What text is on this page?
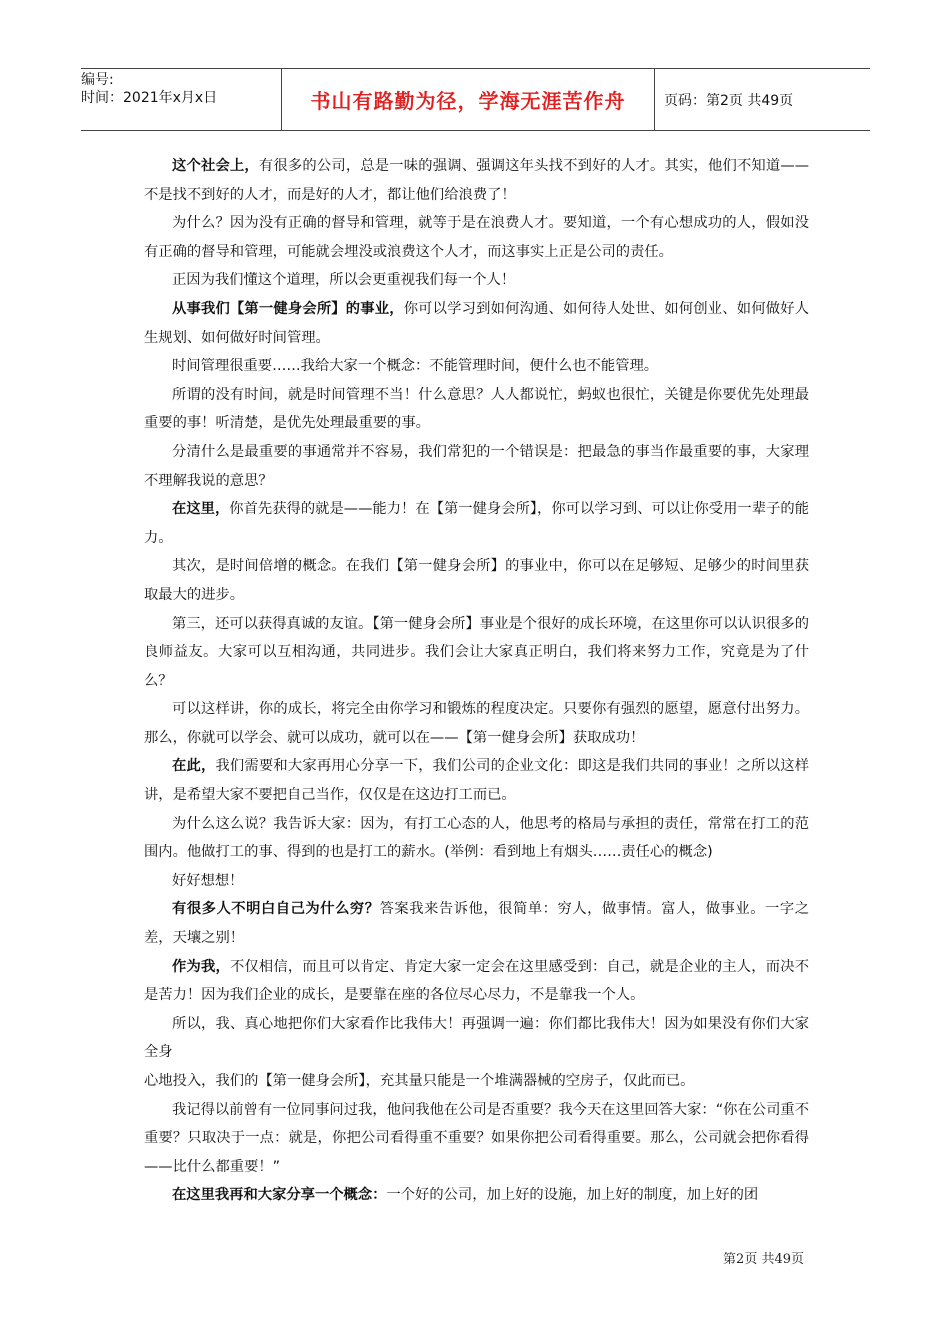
编号:
时间：2021年x月x日	书山有路勤为径，学海无涯苦作舟	页码：第2页 共49页

这个社会上，有很多的公司，总是一味的强调、强调这年头找不到好的人才。其实，他们不知道——不是找不到好的人才，而是好的人才，都让他们给浪费了！

为什么？因为没有正确的督导和管理，就等于是在浪费人才。要知道，一个有心想成功的人，假如没有正确的督导和管理，可能就会埋没或浪费这个人才，而这事实上正是公司的责任。

正因为我们懂这个道理，所以会更重视我们每一个人！

从事我们【第一健身会所】的事业，你可以学习到如何沟通、如何待人处世、如何创业、如何做好人生规划、如何做好时间管理。

时间管理很重要……我给大家一个概念：不能管理时间，便什么也不能管理。

所谓的没有时间，就是时间管理不当！什么意思？人人都说忙，蚂蚁也很忙，关键是你要优先处理最重要的事！听清楚，是优先处理最重要的事。

分清什么是最重要的事通常并不容易，我们常犯的一个错误是：把最急的事当作最重要的事，大家理不理解我说的意思？

在这里，你首先获得的就是——能力！在【第一健身会所】，你可以学习到、可以让你受用一辈子的能力。

其次，是时间倍增的概念。在我们【第一健身会所】的事业中，你可以在足够短、足够少的时间里获取最大的进步。

第三，还可以获得真诚的友谊。【第一健身会所】事业是个很好的成长环境，在这里你可以认识很多的良师益友。大家可以互相沟通，共同进步。我们会让大家真正明白，我们将来努力工作，究竟是为了什么？

可以这样讲，你的成长，将完全由你学习和锻炼的程度决定。只要你有强烈的愿望，愿意付出努力。那么，你就可以学会、就可以成功，就可以在——【第一健身会所】获取成功！

在此，我们需要和大家再用心分享一下，我们公司的企业文化：即这是我们共同的事业！之所以这样讲，是希望大家不要把自己当作，仅仅是在这边打工而已。

为什么这么说？我告诉大家：因为，有打工心态的人，他思考的格局与承担的责任，常常在打工的范围内。他做打工的事、得到的也是打工的薪水。(举例：看到地上有烟头……责任心的概念)

好好想想！

有很多人不明白自己为什么穷？答案我来告诉他，很简单：穷人，做事情。富人，做事业。一字之差，天壤之别！

作为我，不仅相信，而且可以肯定、肯定大家一定会在这里感受到：自己，就是企业的主人，而决不是苦力！因为我们企业的成长，是要靠在座的各位尽心尽力，不是靠我一个人。

所以，我、真心地把你们大家看作比我伟大！再强调一遍：你们都比我伟大！因为如果没有你们大家全身

心地投入，我们的【第一健身会所】，充其量只能是一个堆满器械的空房子，仅此而已。

我记得以前曾有一位同事问过我，他问我他在公司是否重要？我今天在这里回答大家：“你在公司重不重要？只取决于一点：就是，你把公司看得重不重要？如果你把公司看得重要。那么，公司就会把你看得——比什么都重要！”

在这里我再和大家分享一个概念：一个好的公司，加上好的设施，加上好的制度，加上好的团

第2页 共49页
